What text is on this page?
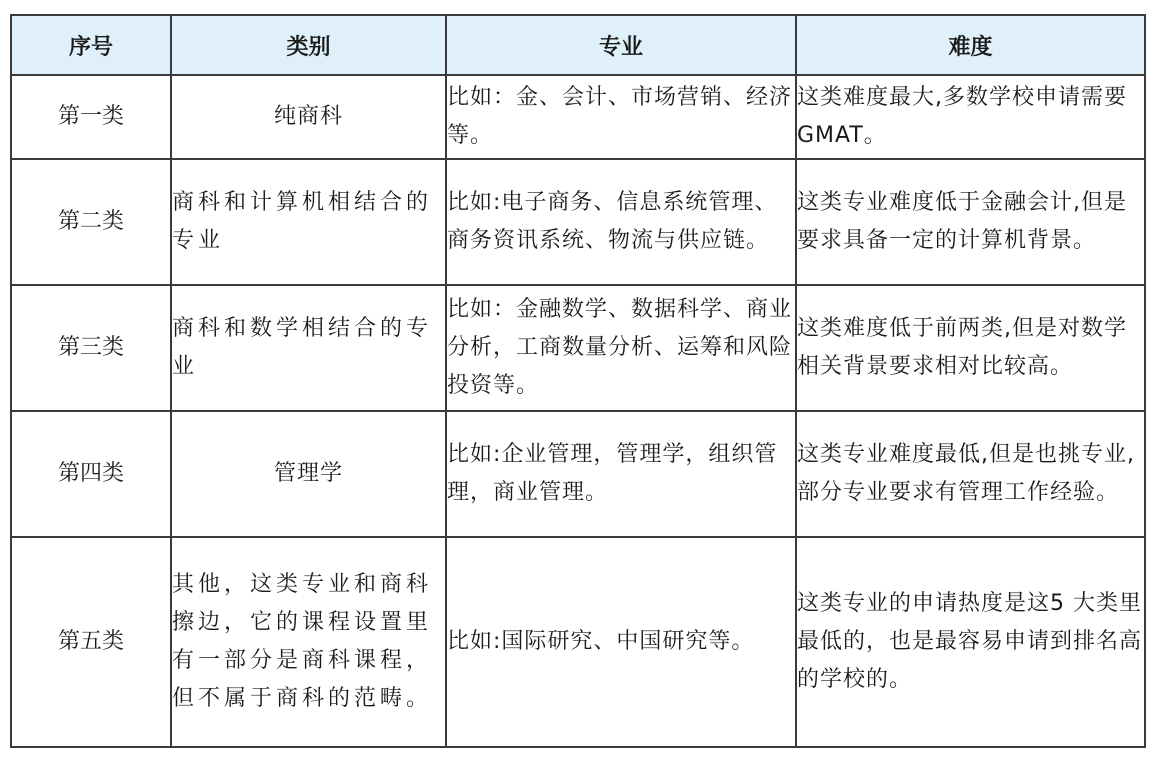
序号	类别	专业	难度
第一类	纯商科	比如：金、会计、市场营销、经济等。	这类难度最大,多数学校申请需要 GMAT。
第二类	商科和计算机相结合的专业	比如:电子商务、信息系统管理、商务资讯系统、物流与供应链。	这类专业难度低于金融会计,但是要求具备一定的计算机背景。
第三类	商科和数学相结合的专业	比如：金融数学、数据科学、商业分析，工商数量分析、运筹和风险投资等。	这类难度低于前两类,但是对数学相关背景要求相对比较高。
第四类	管理学	比如:企业管理，管理学，组织管理，商业管理。	这类专业难度最低,但是也挑专业,部分专业要求有管理工作经验。
第五类	其他，这类专业和商科擦边，它的课程设置里有一部分是商科课程，但不属于商科的范畴。	比如:国际研究、中国研究等。	这类专业的申请热度是这5 大类里最低的，也是最容易申请到排名高的学校的。
